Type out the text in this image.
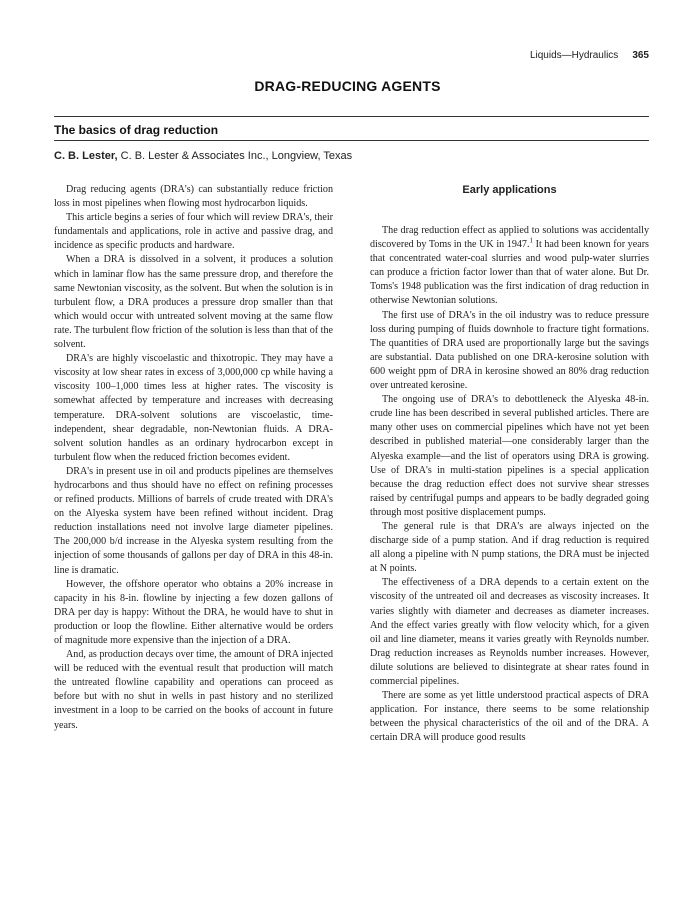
Liquids—Hydraulics 365
DRAG-REDUCING AGENTS
The basics of drag reduction
C. B. Lester, C. B. Lester & Associates Inc., Longview, Texas

Drag reducing agents (DRA's) can substantially reduce friction loss in most pipelines when flowing most hydrocarbon liquids.

This article begins a series of four which will review DRA's, their fundamentals and applications, role in active and passive drag, and incidence as specific products and hardware.

When a DRA is dissolved in a solvent, it produces a solution which in laminar flow has the same pressure drop, and therefore the same Newtonian viscosity, as the solvent. But when the solution is in turbulent flow, a DRA produces a pressure drop smaller than that which would occur with untreated solvent moving at the same flow rate. The turbulent flow friction of the solution is less than that of the solvent.

DRA's are highly viscoelastic and thixotropic. They may have a viscosity at low shear rates in excess of 3,000,000 cp while having a viscosity 100–1,000 times less at higher rates. The viscosity is somewhat affected by temperature and increases with decreasing temperature. DRA-solvent solutions are viscoelastic, time-independent, shear degradable, non-Newtonian fluids. A DRA-solvent solution handles as an ordinary hydrocarbon except in turbulent flow when the reduced friction becomes evident.

DRA's in present use in oil and products pipelines are themselves hydrocarbons and thus should have no effect on refining processes or refined products. Millions of barrels of crude treated with DRA's on the Alyeska system have been refined without incident. Drag reduction installations need not involve large diameter pipelines. The 200,000 b/d increase in the Alyeska system resulting from the injection of some thousands of gallons per day of DRA in this 48-in. line is dramatic.

However, the offshore operator who obtains a 20% increase in capacity in his 8-in. flowline by injecting a few dozen gallons of DRA per day is happy: Without the DRA, he would have to shut in production or loop the flowline. Either alternative would be orders of magnitude more expensive than the injection of a DRA.

And, as production decays over time, the amount of DRA injected will be reduced with the eventual result that production will match the untreated flowline capability and operations can proceed as before but with no shut in wells in past history and no sterilized investment in a loop to be carried on the books of account in future years.

Early applications

The drag reduction effect as applied to solutions was accidentally discovered by Toms in the UK in 1947.$^1$ It had been known for years that concentrated water-coal slurries and wood pulp-water slurries can produce a friction factor lower than that of water alone. But Dr. Toms's 1948 publication was the first indication of drag reduction in otherwise Newtonian solutions.

The first use of DRA's in the oil industry was to reduce pressure loss during pumping of fluids downhole to fracture tight formations. The quantities of DRA used are proportionally large but the savings are substantial. Data published on one DRA-kerosine solution with 600 weight ppm of DRA in kerosine showed an 80% drag reduction over untreated kerosine.

The ongoing use of DRA's to debottleneck the Alyeska 48-in. crude line has been described in several published articles. There are many other uses on commercial pipelines which have not yet been described in published material—one considerably larger than the Alyeska example—and the list of operators using DRA is growing. Use of DRA's in multi-station pipelines is a special application because the drag reduction effect does not survive shear stresses raised by centrifugal pumps and appears to be badly degraded going through most positive displacement pumps.

The general rule is that DRA's are always injected on the discharge side of a pump station. And if drag reduction is required all along a pipeline with N pump stations, the DRA must be injected at N points.

The effectiveness of a DRA depends to a certain extent on the viscosity of the untreated oil and decreases as viscosity increases. It varies slightly with diameter and decreases as diameter increases. And the effect varies greatly with flow velocity which, for a given oil and line diameter, means it varies greatly with Reynolds number. Drag reduction increases as Reynolds number increases. However, dilute solutions are believed to disintegrate at shear rates found in commercial pipelines.

There are some as yet little understood practical aspects of DRA application. For instance, there seems to be some relationship between the physical characteristics of the oil and of the DRA. A certain DRA will produce good results
